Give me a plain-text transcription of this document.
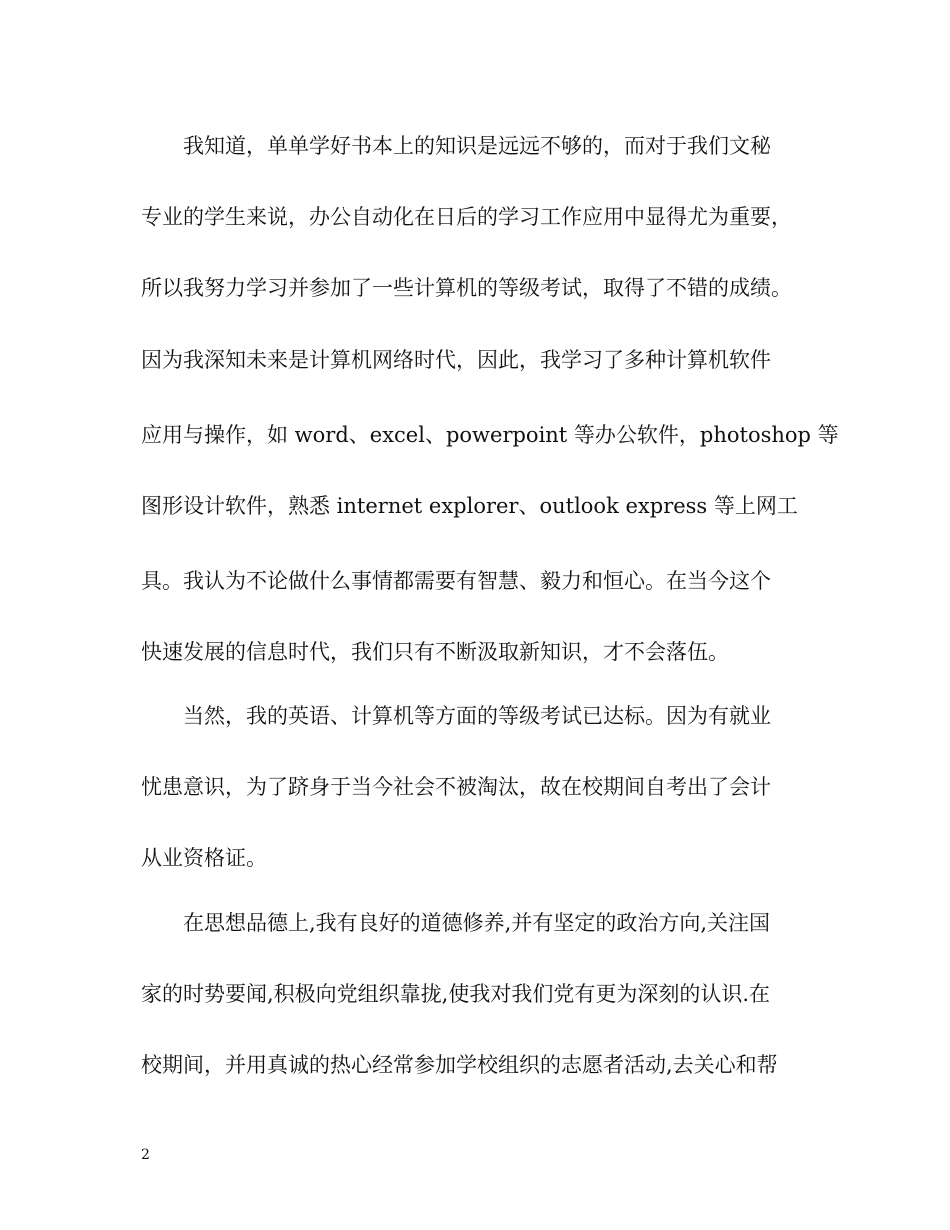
我知道，单单学好书本上的知识是远远不够的，而对于我们文秘
专业的学生来说，办公自动化在日后的学习工作应用中显得尤为重要，
所以我努力学习并参加了一些计算机的等级考试，取得了不错的成绩。
因为我深知未来是计算机网络时代，因此，我学习了多种计算机软件
应用与操作，如 word、excel、powerpoint 等办公软件，photoshop 等
图形设计软件，熟悉 internet explorer、outlook express 等上网工
具。我认为不论做什么事情都需要有智慧、毅力和恒心。在当今这个
快速发展的信息时代，我们只有不断汲取新知识，才不会落伍。
当然，我的英语、计算机等方面的等级考试已达标。因为有就业
忧患意识，为了跻身于当今社会不被淘汰，故在校期间自考出了会计
从业资格证。
在思想品德上,我有良好的道德修养,并有坚定的政治方向,关注国
家的时势要闻,积极向党组织靠拢,使我对我们党有更为深刻的认识.在
校期间，并用真诚的热心经常参加学校组织的志愿者活动,去关心和帮
2
